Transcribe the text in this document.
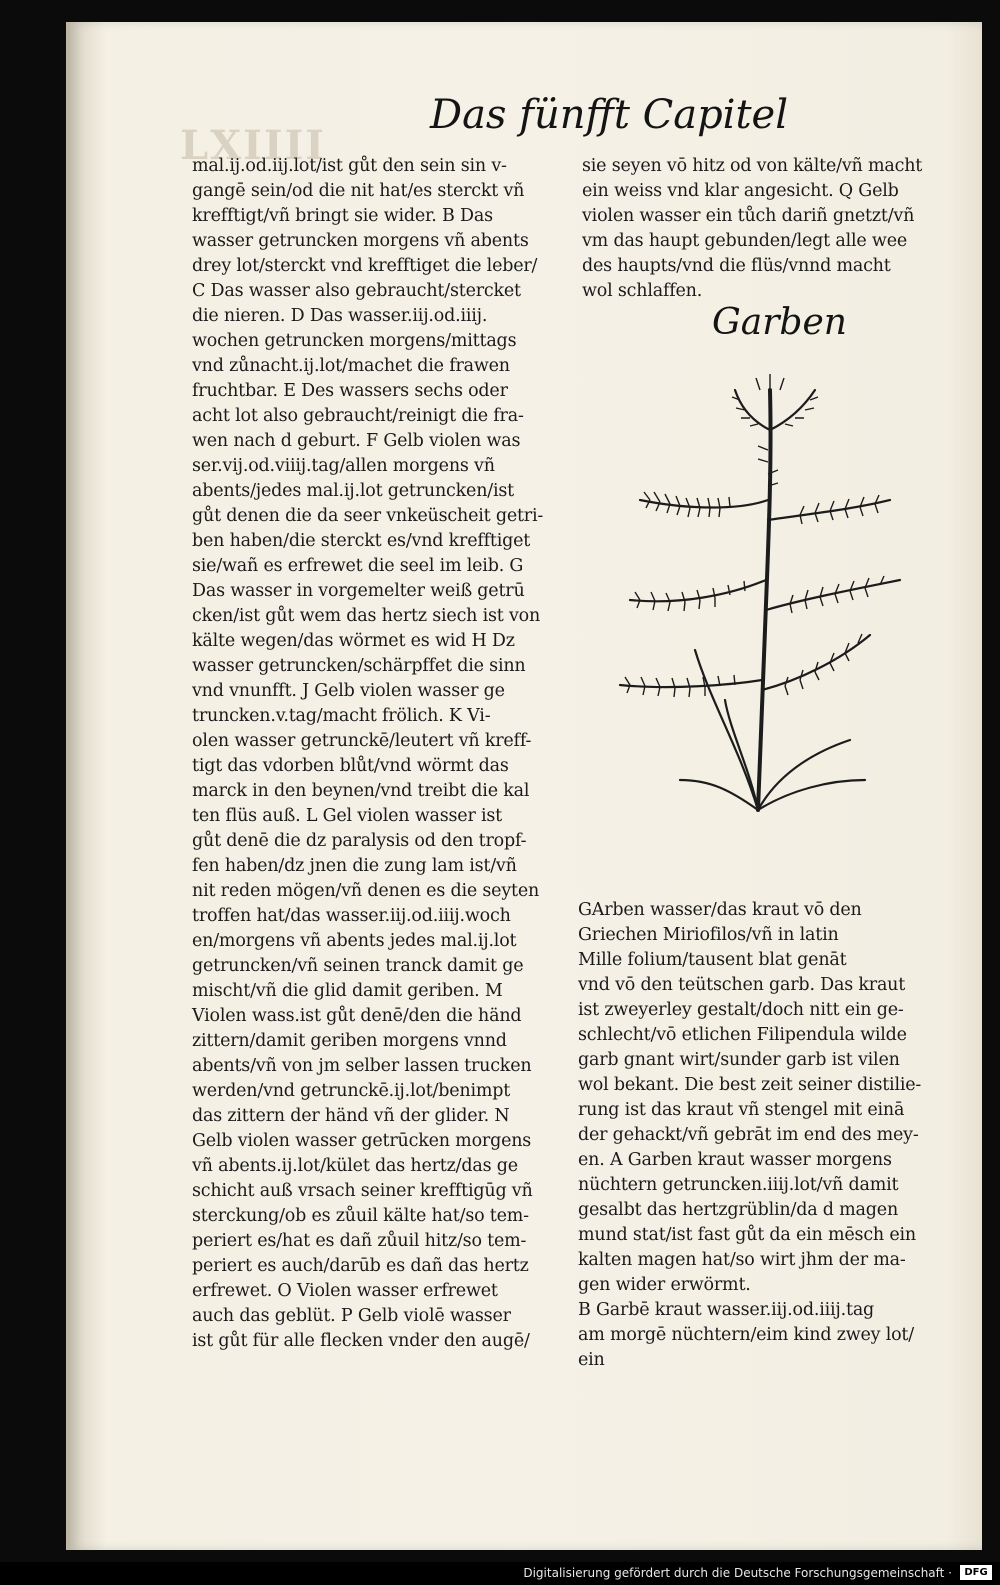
LXIIII
Das fünfft Capitel
mal.ij.od.iij.lot/ist gůt den sein sin v-
gangē sein/od die nit hat/es sterckt vñ
krefftigt/vñ bringt sie wider. B Das
wasser getruncken morgens vñ abents
drey lot/sterckt vnd krefftiget die leber/
C Das wasser also gebraucht/stercket
die nieren. D Das wasser.iij.od.iiij.
wochen getruncken morgens/mittags
vnd zůnacht.ij.lot/machet die frawen
fruchtbar. E Des wassers sechs oder
acht lot also gebraucht/reinigt die fra-
wen nach d geburt. F Gelb violen was
ser.vij.od.viiij.tag/allen morgens vñ
abents/jedes mal.ij.lot getruncken/ist
gůt denen die da seer vnkeüscheit getri-
ben haben/die sterckt es/vnd krefftiget
sie/wañ es erfrewet die seel im leib. G
Das wasser in vorgemelter weiß getrū
cken/ist gůt wem das hertz siech ist von
kälte wegen/das wörmet es wid H Dz
wasser getruncken/schärpffet die sinn
vnd vnunfft. J Gelb violen wasser ge
truncken.v.tag/macht frölich. K Vi-
olen wasser getrunckē/leutert vñ kreff-
tigt das vdorben blůt/vnd wörmt das
marck in den beynen/vnd treibt die kal
ten flüs auß. L Gel violen wasser ist
gůt denē die dz paralysis od den tropf-
fen haben/dz jnen die zung lam ist/vñ
nit reden mögen/vñ denen es die seyten
troffen hat/das wasser.iij.od.iiij.woch
en/morgens vñ abents jedes mal.ij.lot
getruncken/vñ seinen tranck damit ge
mischt/vñ die glid damit geriben. M
Violen wass.ist gůt denē/den die händ
zittern/damit geriben morgens vnnd
abents/vñ von jm selber lassen trucken
werden/vnd getrunckē.ij.lot/benimpt
das zittern der händ vñ der glider. N
Gelb violen wasser getrūcken morgens
vñ abents.ij.lot/kület das hertz/das ge
schicht auß vrsach seiner krefftigūg vñ
sterckung/ob es zůuil kälte hat/so tem-
periert es/hat es dañ zůuil hitz/so tem-
periert es auch/darūb es dañ das hertz
erfrewet. O Violen wasser erfrewet
auch das geblüt. P Gelb violē wasser
ist gůt für alle flecken vnder den augē/
sie seyen vō hitz od von kälte/vñ macht
ein weiss vnd klar angesicht. Q Gelb
violen wasser ein tůch dariñ gnetzt/vñ
vm das haupt gebunden/legt alle wee
des haupts/vnd die flüs/vnnd macht
wol schlaffen.
Garben
GArben wasser/das kraut vō den
Griechen Miriofilos/vñ in latin
Mille folium/tausent blat genāt
vnd vō den teütschen garb. Das kraut
ist zweyerley gestalt/doch nitt ein ge-
schlecht/vō etlichen Filipendula wilde
garb gnant wirt/sunder garb ist vilen
wol bekant. Die best zeit seiner distilie-
rung ist das kraut vñ stengel mit einā
der gehackt/vñ gebrāt im end des mey-
en. A Garben kraut wasser morgens
nüchtern getruncken.iiij.lot/vñ damit
gesalbt das hertzgrüblin/da d magen
mund stat/ist fast gůt da ein mēsch ein
kalten magen hat/so wirt jhm der ma-
gen wider erwörmt.
B Garbē kraut wasser.iij.od.iiij.tag
am morgē nüchtern/eim kind zwey lot/
ein
Digitalisierung gefördert durch die Deutsche Forschungsgemeinschaft ·	DFG
